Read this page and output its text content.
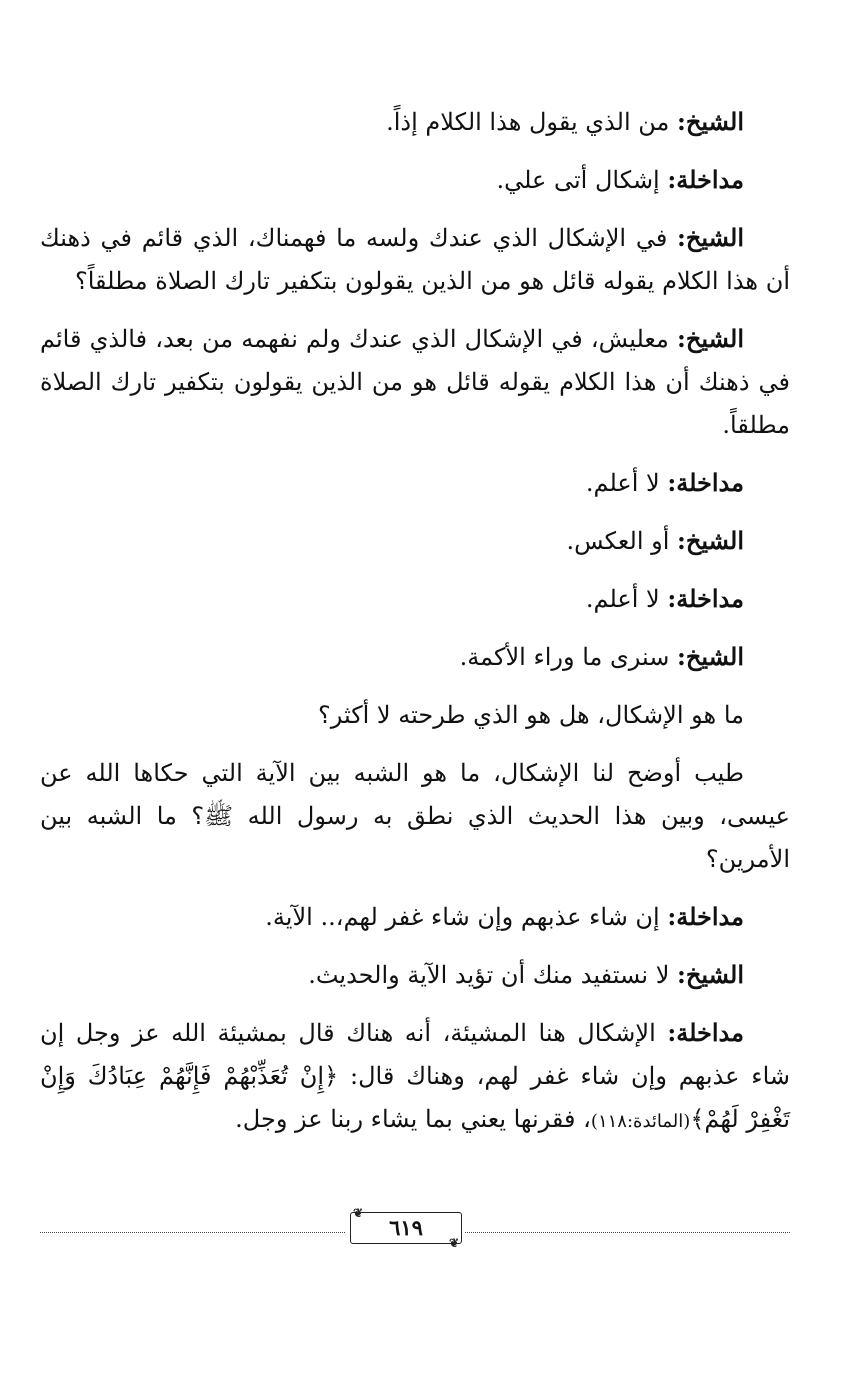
الشيخ: من الذي يقول هذا الكلام إذاً.

مداخلة: إشكال أتى علي.

الشيخ: في الإشكال الذي عندك ولسه ما فهمناك، الذي قائم في ذهنك أن هذا الكلام يقوله قائل هو من الذين يقولون بتكفير تارك الصلاة مطلقاً؟

الشيخ: معليش، في الإشكال الذي عندك ولم نفهمه من بعد، فالذي قائم في ذهنك أن هذا الكلام يقوله قائل هو من الذين يقولون بتكفير تارك الصلاة مطلقاً.

مداخلة: لا أعلم.

الشيخ: أو العكس.

مداخلة: لا أعلم.

الشيخ: سنرى ما وراء الأكمة.

ما هو الإشكال، هل هو الذي طرحته لا أكثر؟

طيب أوضح لنا الإشكال، ما هو الشبه بين الآية التي حكاها الله عن عيسى، وبين هذا الحديث الذي نطق به رسول الله ﷺ؟ ما الشبه بين الأمرين؟

مداخلة: إن شاء عذبهم وإن شاء غفر لهم،.. الآية.

الشيخ: لا نستفيد منك أن تؤيد الآية والحديث.

مداخلة: الإشكال هنا المشيئة، أنه هناك قال بمشيئة الله عز وجل إن شاء عذبهم وإن شاء غفر لهم، وهناك قال: ﴿إِنْ تُعَذِّبْهُمْ فَإِنَّهُمْ عِبَادُكَ وَإِنْ تَغْفِرْ لَهُمْ﴾(المائدة:١١٨)، فقرنها يعني بما يشاء ربنا عز وجل.

❦
٦١٩
❦
